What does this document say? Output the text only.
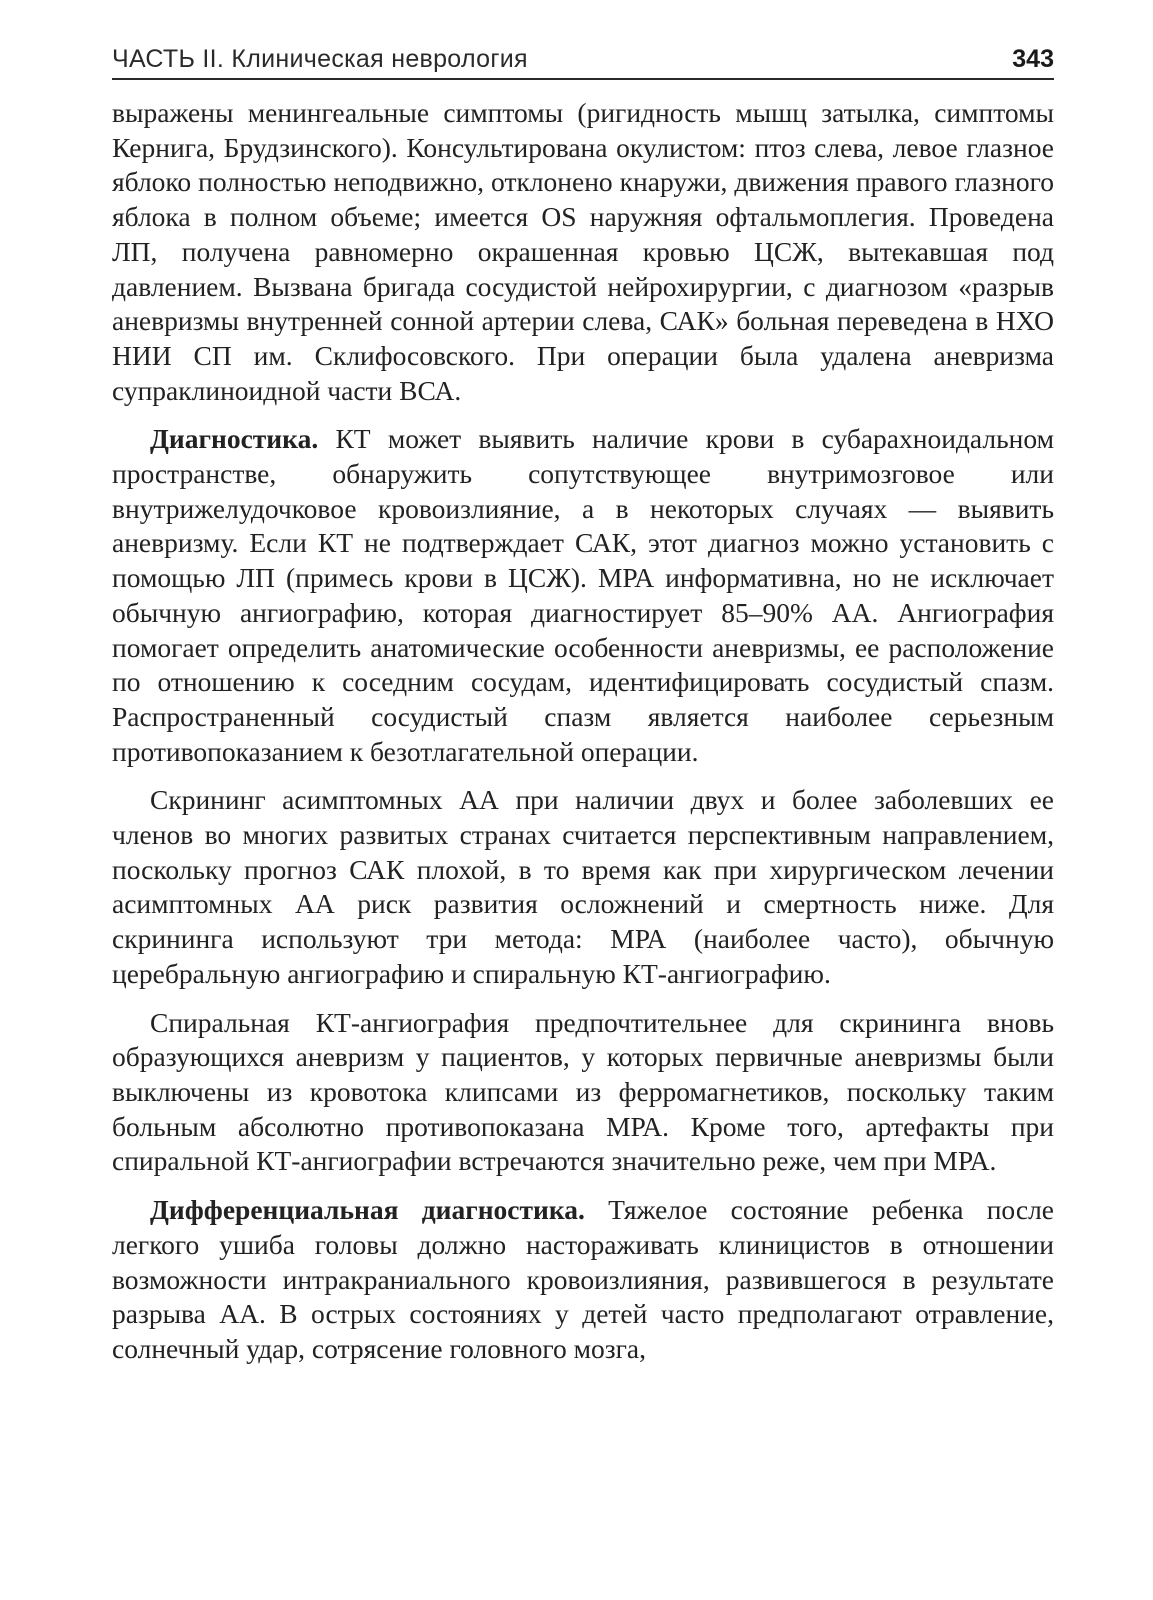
ЧАСТЬ II. Клиническая неврология	343

выражены менингеальные симптомы (ригидность мышц затылка, симптомы Кернига, Брудзинского). Консультирована окулистом: птоз слева, левое глазное яблоко полностью неподвижно, отклонено кнаружи, движения правого глазного яблока в полном объеме; имеется OS наружняя офтальмоплегия. Проведена ЛП, получена равномерно окрашенная кровью ЦСЖ, вытекавшая под давлением. Вызвана бригада сосудистой нейрохирургии, с диагнозом «разрыв аневризмы внутренней сонной артерии слева, САК» больная переведена в НХО НИИ СП им. Склифосовского. При операции была удалена аневризма супраклиноидной части ВСА.

Диагностика. КТ может выявить наличие крови в субарахноидальном пространстве, обнаружить сопутствующее внутримозговое или внутрижелудочковое кровоизлияние, а в некоторых случаях — выявить аневризму. Если КТ не подтверждает САК, этот диагноз можно установить с помощью ЛП (примесь крови в ЦСЖ). МРА информативна, но не исключает обычную ангиографию, которая диагностирует 85–90% АА. Ангиография помогает определить анатомические особенности аневризмы, ее расположение по отношению к соседним сосудам, идентифицировать сосудистый спазм. Распространенный сосудистый спазм является наиболее серьезным противопоказанием к безотлагательной операции.

Скрининг асимптомных АА при наличии двух и более заболевших ее членов во многих развитых странах считается перспективным направлением, поскольку прогноз САК плохой, в то время как при хирургическом лечении асимптомных АА риск развития осложнений и смертность ниже. Для скрининга используют три метода: МРА (наиболее часто), обычную церебральную ангиографию и спиральную КТ-ангиографию.

Спиральная КТ-ангиография предпочтительнее для скрининга вновь образующихся аневризм у пациентов, у которых первичные аневризмы были выключены из кровотока клипсами из ферромагнетиков, поскольку таким больным абсолютно противопоказана МРА. Кроме того, артефакты при спиральной КТ-ангиографии встречаются значительно реже, чем при МРА.

Дифференциальная диагностика. Тяжелое состояние ребенка после легкого ушиба головы должно настораживать клиницистов в отношении возможности интракраниального кровоизлияния, развившегося в результате разрыва АА. В острых состояниях у детей часто предполагают отравление, солнечный удар, сотрясение головного мозга,
